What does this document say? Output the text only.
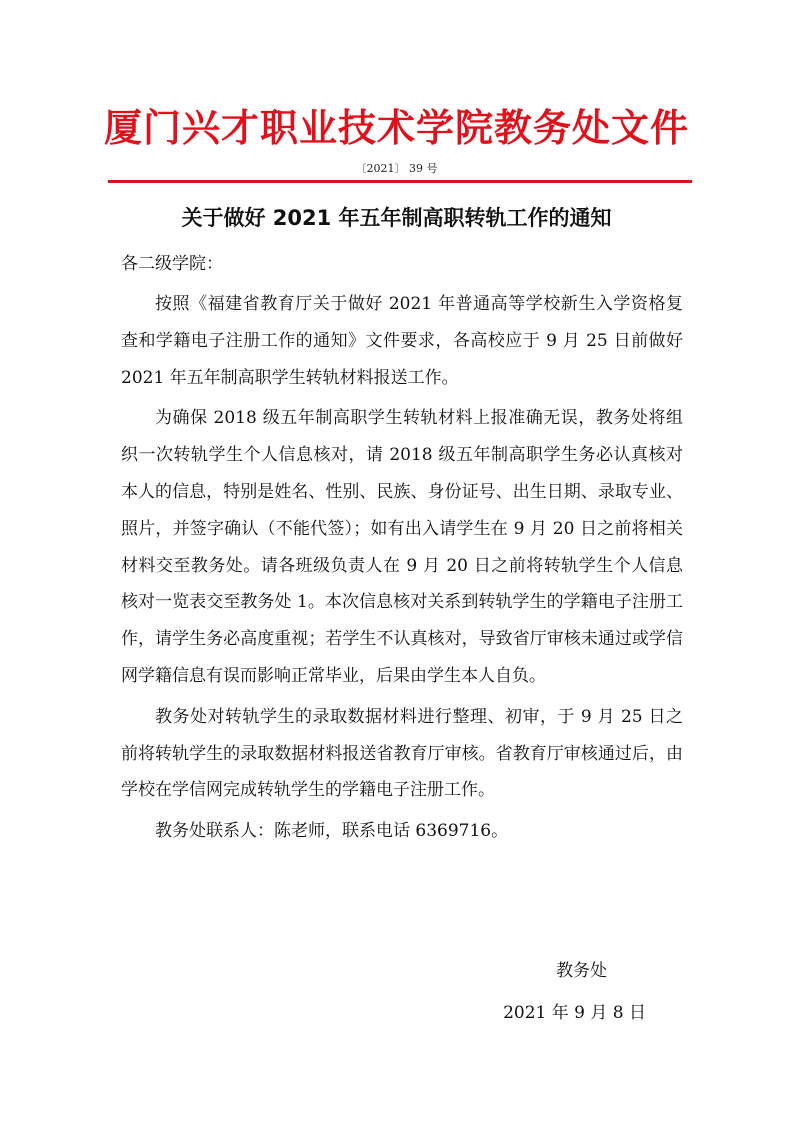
厦门兴才职业技术学院教务处文件
〔2021〕 39 号
关于做好 2021 年五年制高职转轨工作的通知
各二级学院：

按照《福建省教育厅关于做好 2021 年普通高等学校新生入学资格复查和学籍电子注册工作的通知》文件要求，各高校应于 9 月 25 日前做好 2021 年五年制高职学生转轨材料报送工作。

为确保 2018 级五年制高职学生转轨材料上报准确无误，教务处将组织一次转轨学生个人信息核对，请 2018 级五年制高职学生务必认真核对本人的信息，特别是姓名、性别、民族、身份证号、出生日期、录取专业、照片，并签字确认（不能代签）；如有出入请学生在 9 月 20 日之前将相关材料交至教务处。请各班级负责人在 9 月 20 日之前将转轨学生个人信息核对一览表交至教务处 1。本次信息核对关系到转轨学生的学籍电子注册工作，请学生务必高度重视；若学生不认真核对，导致省厅审核未通过或学信网学籍信息有误而影响正常毕业，后果由学生本人自负。

教务处对转轨学生的录取数据材料进行整理、初审，于 9 月 25 日之前将转轨学生的录取数据材料报送省教育厅审核。省教育厅审核通过后，由学校在学信网完成转轨学生的学籍电子注册工作。

教务处联系人：陈老师，联系电话 6369716。

教务处
2021 年 9 月 8 日
